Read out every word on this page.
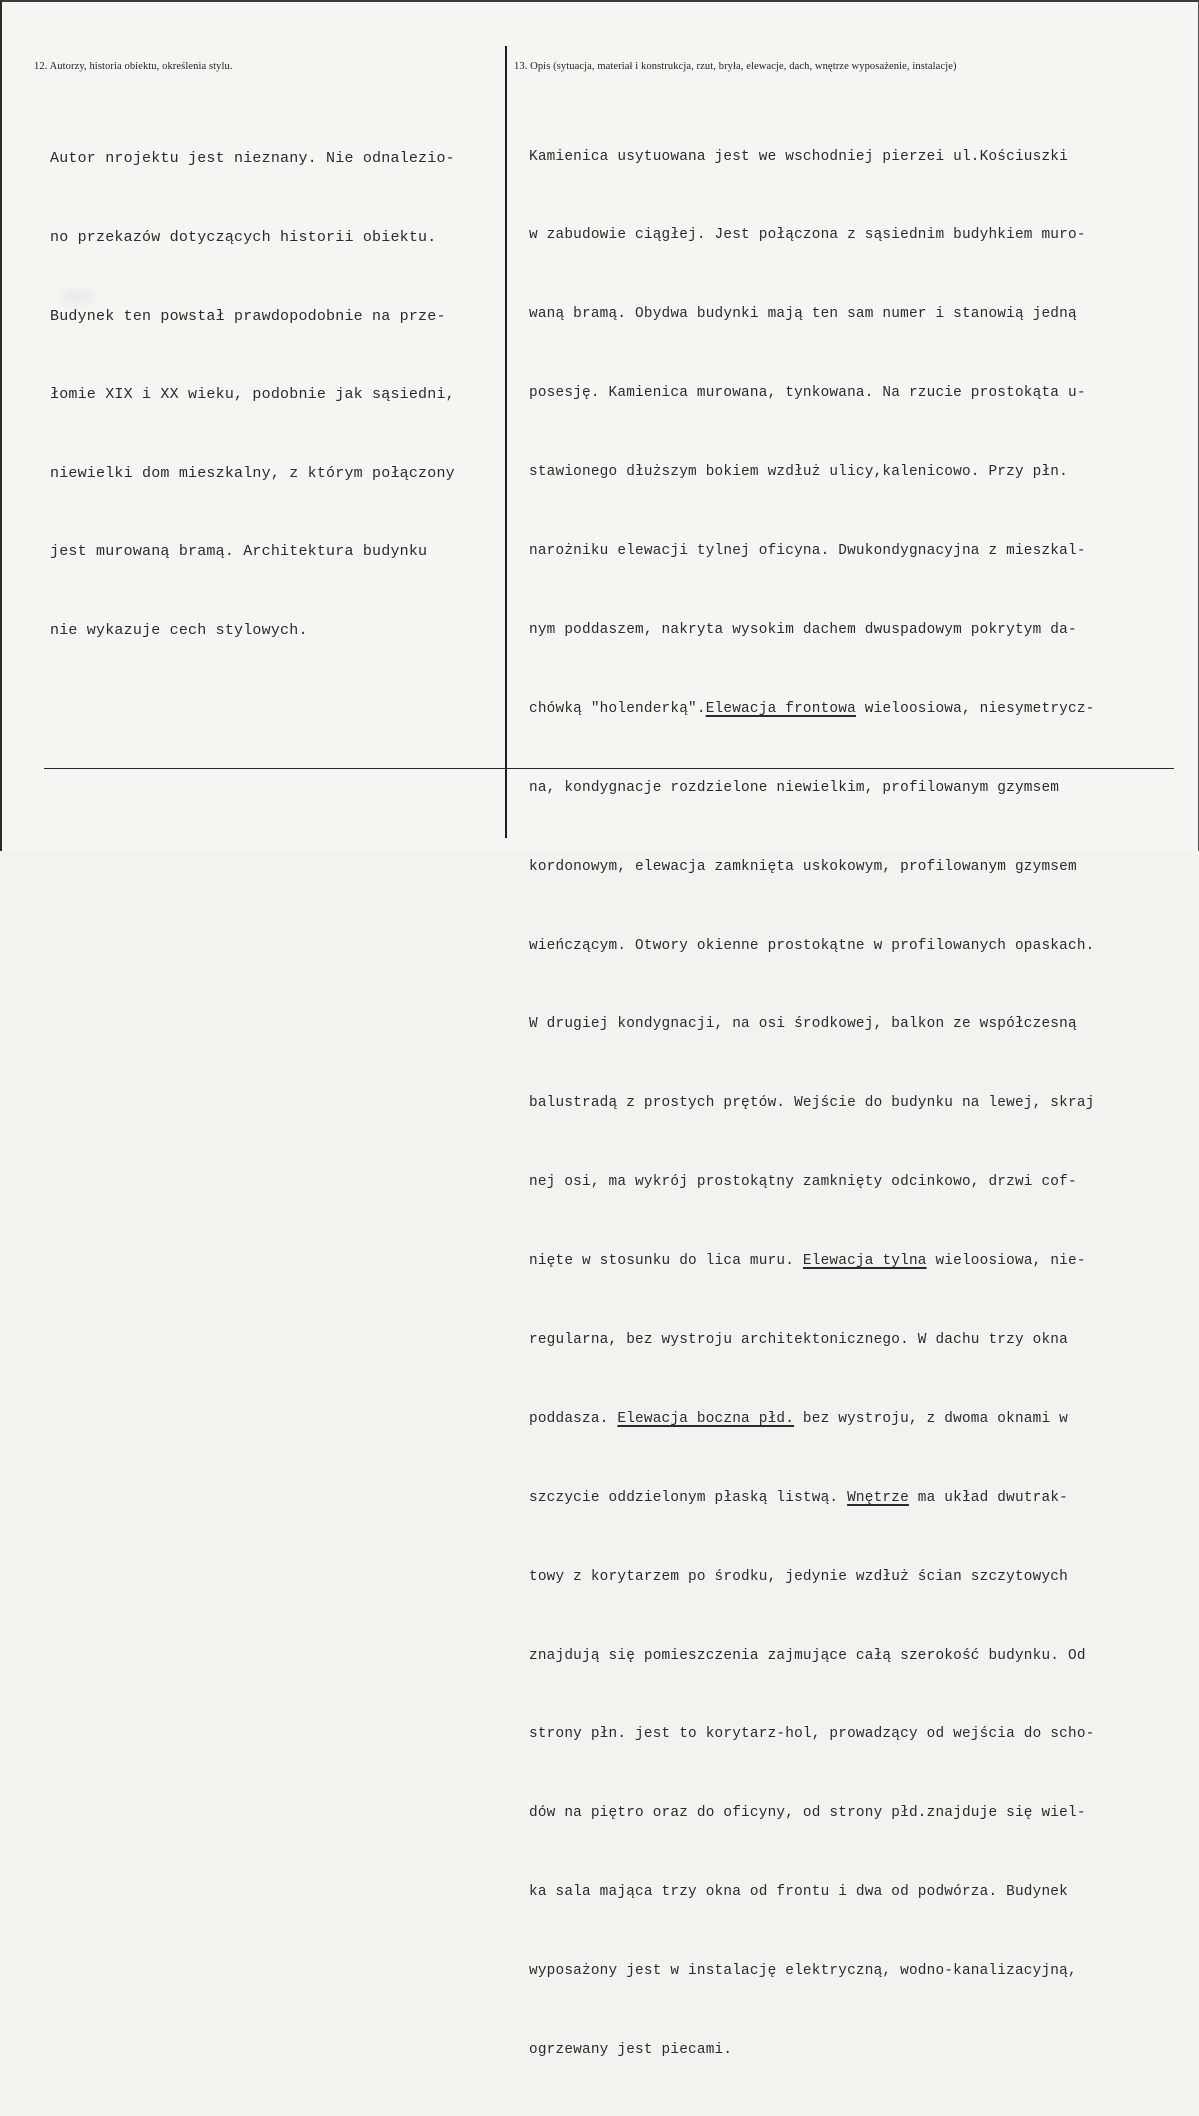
12. Autorzy, historia obiektu, określenia stylu.	13. Opis (sytuacja, materiał i konstrukcja, rzut, bryła, elewacje, dach, wnętrze wyposażenie, instalacje)

Autor nrojektu jest nieznany. Nie odnalezio-

no przekazów dotyczących historii obiektu.

Budynek ten powstał prawdopodobnie na prze-

łomie XIX i XX wieku, podobnie jak sąsiedni,

niewielki dom mieszkalny, z którym połączony

jest murowaną bramą. Architektura budynku

nie wykazuje cech stylowych.

Kamienica usytuowana jest we wschodniej pierzei ul.Kościuszki

w zabudowie ciągłej. Jest połączona z sąsiednim budyhkiem muro-

waną bramą. Obydwa budynki mają ten sam numer i stanowią jedną

posesję. Kamienica murowana, tynkowana. Na rzucie prostokąta u-

stawionego dłuższym bokiem wzdłuż ulicy,kalenicowo. Przy płn.

narożniku elewacji tylnej oficyna. Dwukondygnacyjna z mieszkal-

nym poddaszem, nakryta wysokim dachem dwuspadowym pokrytym da-

chówką "holenderką".Elewacja frontowa wieloosiowa, niesymetrycz-

na, kondygnacje rozdzielone niewielkim, profilowanym gzymsem

kordonowym, elewacja zamknięta uskokowym, profilowanym gzymsem

wieńczącym. Otwory okienne prostokątne w profilowanych opaskach.

W drugiej kondygnacji, na osi środkowej, balkon ze współczesną

balustradą z prostych prętów. Wejście do budynku na lewej, skraj

nej osi, ma wykrój prostokątny zamknięty odcinkowo, drzwi cof-

nięte w stosunku do lica muru. Elewacja tylna wieloosiowa, nie-

regularna, bez wystroju architektonicznego. W dachu trzy okna

poddasza. Elewacja boczna płd. bez wystroju, z dwoma oknami w

szczycie oddzielonym płaską listwą. Wnętrze ma układ dwutrak-

towy z korytarzem po środku, jedynie wzdłuż ścian szczytowych

znajdują się pomieszczenia zajmujące całą szerokość budynku. Od

strony płn. jest to korytarz-hol, prowadzący od wejścia do scho-

dów na piętro oraz do oficyny, od strony płd.znajduje się wiel-

ka sala mająca trzy okna od frontu i dwa od podwórza. Budynek

wyposażony jest w instalację elektryczną, wodno-kanalizacyjną,

ogrzewany jest piecami.
